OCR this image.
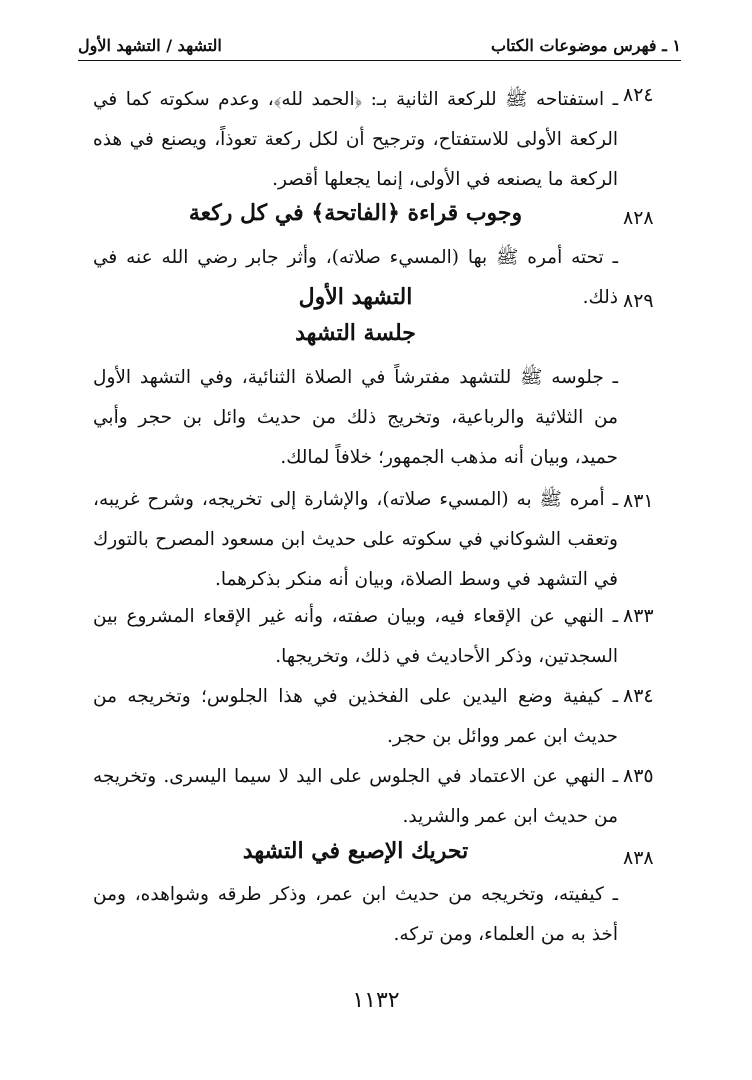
١ ـ فهرس موضوعات الكتاب
التشهد / التشهد الأول
٨٢٤
ـ استفتاحه ﷺ للركعة الثانية بـ: ﴿الحمد لله﴾، وعدم سكوته كما في الركعة الأولى للاستفتاح، وترجيح أن لكل ركعة تعوذاً، ويصنع في هذه الركعة ما يصنعه في الأولى، إنما يجعلها أقصر.
٨٢٨
وجوب قراءة ﴿الفاتحة﴾ في كل ركعة
ـ تحته أمره ﷺ بها (المسيء صلاته)، وأثر جابر رضي الله عنه في ذلك. ٨٢٩
التشهد الأول
جلسة التشهد
ـ جلوسه ﷺ للتشهد مفترشاً في الصلاة الثنائية، وفي التشهد الأول من الثلاثية والرباعية، وتخريج ذلك من حديث وائل بن حجر وأبي حميد، وبيان أنه مذهب الجمهور؛ خلافاً لمالك.
٨٣١
ـ أمره ﷺ به (المسيء صلاته)، والإشارة إلى تخريجه، وشرح غريبه، وتعقب الشوكاني في سكوته على حديث ابن مسعود المصرح بالتورك في التشهد في وسط الصلاة، وبيان أنه منكر بذكرهما.
٨٣٣
ـ النهي عن الإقعاء فيه، وبيان صفته، وأنه غير الإقعاء المشروع بين السجدتين، وذكر الأحاديث في ذلك، وتخريجها.
٨٣٤
ـ كيفية وضع اليدين على الفخذين في هذا الجلوس؛ وتخريجه من حديث ابن عمر ووائل بن حجر.
٨٣٥
ـ النهي عن الاعتماد في الجلوس على اليد لا سيما اليسرى. وتخريجه من حديث ابن عمر والشريد.
٨٣٨
تحريك الإصبع في التشهد
ـ كيفيته، وتخريجه من حديث ابن عمر، وذكر طرقه وشواهده، ومن أخذ به من العلماء، ومن تركه.
١١٣٢
